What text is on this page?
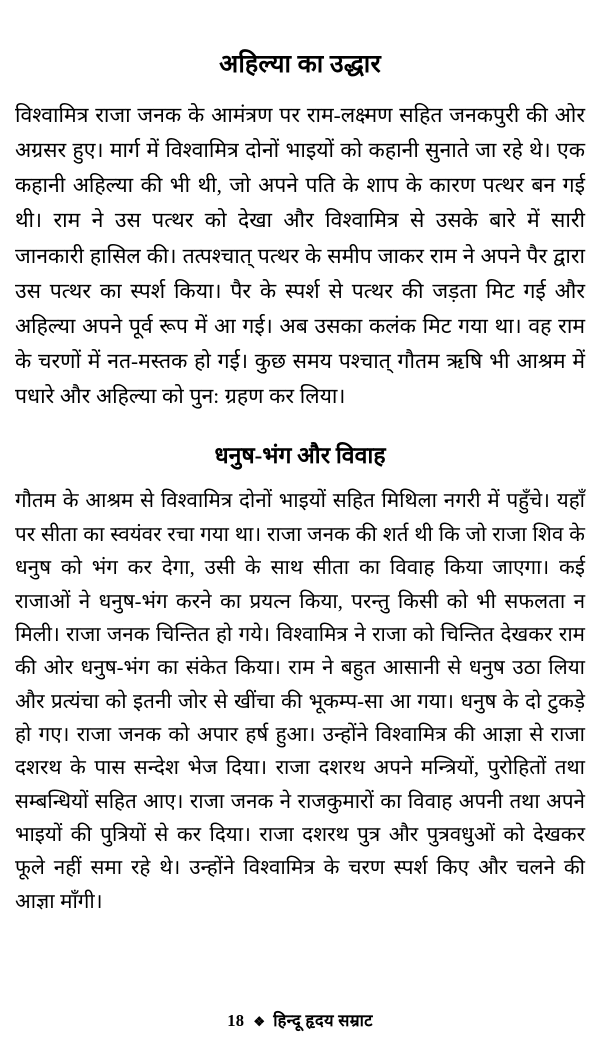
अहिल्या का उद्धार

विश्वामित्र राजा जनक के आमंत्रण पर राम-लक्ष्मण सहित जनकपुरी की ओर अग्रसर हुए। मार्ग में विश्वामित्र दोनों भाइयों को कहानी सुनाते जा रहे थे। एक कहानी अहिल्या की भी थी, जो अपने पति के शाप के कारण पत्थर बन गई थी। राम ने उस पत्थर को देखा और विश्वामित्र से उसके बारे में सारी जानकारी हासिल की। तत्पश्चात् पत्थर के समीप जाकर राम ने अपने पैर द्वारा उस पत्थर का स्पर्श किया। पैर के स्पर्श से पत्थर की जड़ता मिट गई और अहिल्या अपने पूर्व रूप में आ गई। अब उसका कलंक मिट गया था। वह राम के चरणों में नत-मस्तक हो गई। कुछ समय पश्चात् गौतम ऋषि भी आश्रम में पधारे और अहिल्या को पुन: ग्रहण कर लिया।

धनुष-भंग और विवाह

गौतम के आश्रम से विश्वामित्र दोनों भाइयों सहित मिथिला नगरी में पहुँचे। यहाँ पर सीता का स्वयंवर रचा गया था। राजा जनक की शर्त थी कि जो राजा शिव के धनुष को भंग कर देगा, उसी के साथ सीता का विवाह किया जाएगा। कई राजाओं ने धनुष-भंग करने का प्रयत्न किया, परन्तु किसी को भी सफलता न मिली। राजा जनक चिन्तित हो गये। विश्वामित्र ने राजा को चिन्तित देखकर राम की ओर धनुष-भंग का संकेत किया। राम ने बहुत आसानी से धनुष उठा लिया और प्रत्यंचा को इतनी जोर से खींचा की भूकम्प-सा आ गया। धनुष के दो टुकड़े हो गए। राजा जनक को अपार हर्ष हुआ। उन्होंने विश्वामित्र की आज्ञा से राजा दशरथ के पास सन्देश भेज दिया। राजा दशरथ अपने मन्त्रियों, पुरोहितों तथा सम्बन्धियों सहित आए। राजा जनक ने राजकुमारों का विवाह अपनी तथा अपने भाइयों की पुत्रियों से कर दिया। राजा दशरथ पुत्र और पुत्रवधुओं को देखकर फूले नहीं समा रहे थे। उन्होंने विश्वामित्र के चरण स्पर्श किए और चलने की आज्ञा माँगी।

18 ❖ हिन्दू हृदय सम्राट
